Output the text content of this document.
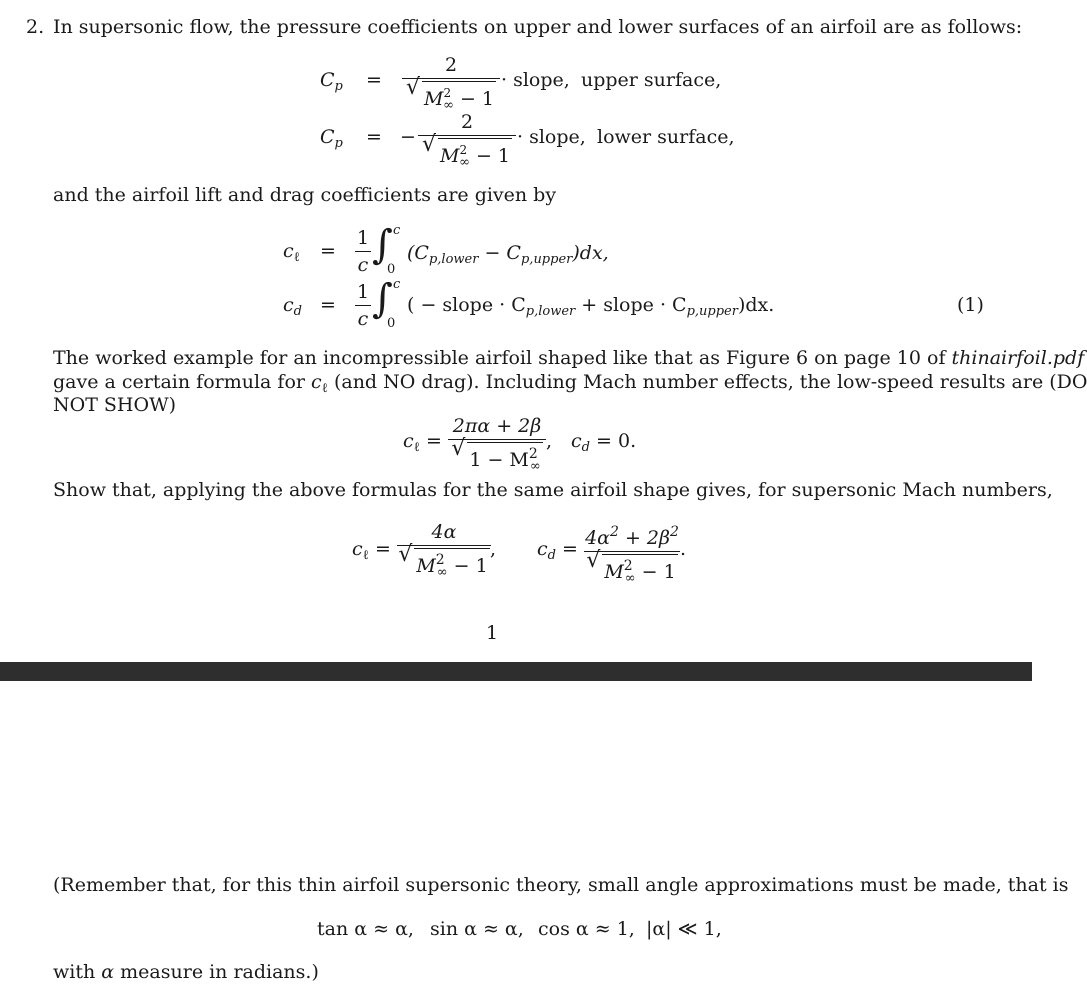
2. In supersonic flow, the pressure coefficients on upper and lower surfaces of an airfoil are as follows:
$C_p$ =
2
√ $M2_\infty - 1$
· slope, upper surface,
$C_p$ = −
2
√ $M2_\infty - 1$
· slope, lower surface,
and the airfoil lift and drag coefficients are given by
$c_\ell$ =
1
c ∫ c
0
$(C_{p,lower} - C_{p,upper})dx$,
$c_d$ =
1
c ∫ c
0
( − slope · $C_{p,lower}$ + slope · $C_{p,upper})dx$.	(1)
The worked example for an incompressible airfoil shaped like that as Figure 6 on page 10 of thinairfoil.pdf
gave a certain formula for $c_\ell$ (and NO drag). Including Mach number effects, the low-speed results are (DO
NOT SHOW)
$c_\ell$ =
2πα + 2β
√ $1 - M^2_\infty$
, $c_d = 0$.
Show that, applying the above formulas for the same airfoil shape gives, for supersonic Mach numbers,
$c_\ell$ =
4α
√ $M^2_\infty - 1$
, $c_d = 4\alpha^2 + 2\beta^2$
√ $M^2_\infty - 1$
.
1
(Remember that, for this thin airfoil supersonic theory, small angle approximations must be made, that is
tan α ≈ α, sin α ≈ α, cos α ≈ 1, |α| ≪ 1,
with α measure in radians.)
